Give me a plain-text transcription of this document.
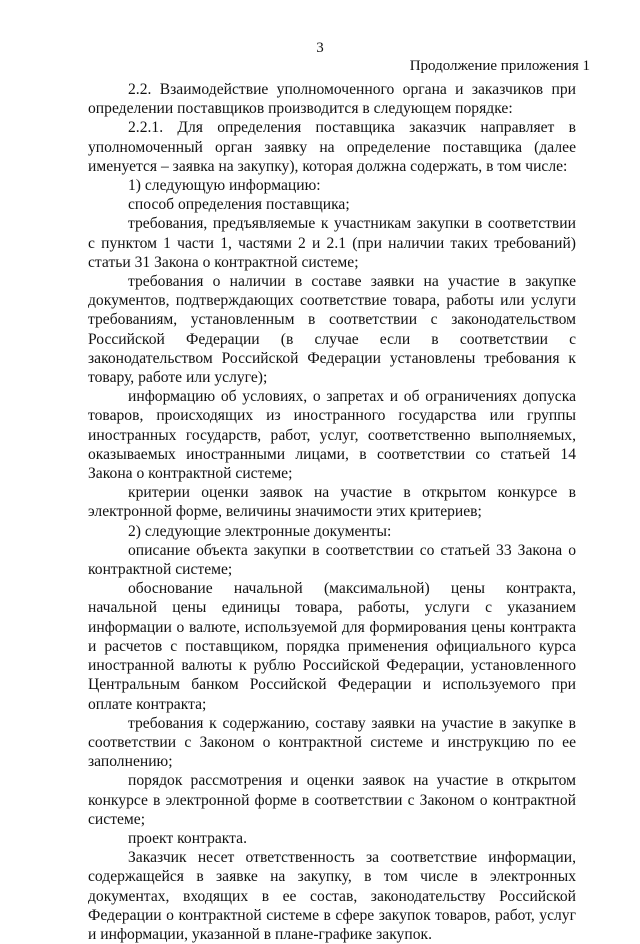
3
Продолжение приложения 1

2.2. Взаимодействие уполномоченного органа и заказчиков при определении поставщиков производится в следующем порядке:

2.2.1. Для определения поставщика заказчик направляет в уполномоченный орган заявку на определение поставщика (далее именуется – заявка на закупку), которая должна содержать, в том числе:

1) следующую информацию:

способ определения поставщика;

требования, предъявляемые к участникам закупки в соответствии с пунктом 1 части 1, частями 2 и 2.1 (при наличии таких требований) статьи 31 Закона о контрактной системе;

требования о наличии в составе заявки на участие в закупке документов, подтверждающих соответствие товара, работы или услуги требованиям, установленным в соответствии с законодательством Российской Федерации (в случае если в соответствии с законодательством Российской Федерации установлены требования к товару, работе или услуге);

информацию об условиях, о запретах и об ограничениях допуска товаров, происходящих из иностранного государства или группы иностранных государств, работ, услуг, соответственно выполняемых, оказываемых иностранными лицами, в соответствии со статьей 14 Закона о контрактной системе;

критерии оценки заявок на участие в открытом конкурсе в электронной форме, величины значимости этих критериев;

2) следующие электронные документы:

описание объекта закупки в соответствии со статьей 33 Закона о контрактной системе;

обоснование начальной (максимальной) цены контракта, начальной цены единицы товара, работы, услуги с указанием информации о валюте, используемой для формирования цены контракта и расчетов с поставщиком, порядка применения официального курса иностранной валюты к рублю Российской Федерации, установленного Центральным банком Российской Федерации и используемого при оплате контракта;

требования к содержанию, составу заявки на участие в закупке в соответствии с Законом о контрактной системе и инструкцию по ее заполнению;

порядок рассмотрения и оценки заявок на участие в открытом конкурсе в электронной форме в соответствии с Законом о контрактной системе;

проект контракта.

Заказчик несет ответственность за соответствие информации, содержащейся в заявке на закупку, в том числе в электронных документах, входящих в ее состав, законодательству Российской Федерации о контрактной системе в сфере закупок товаров, работ, услуг и информации, указанной в плане-графике закупок.
